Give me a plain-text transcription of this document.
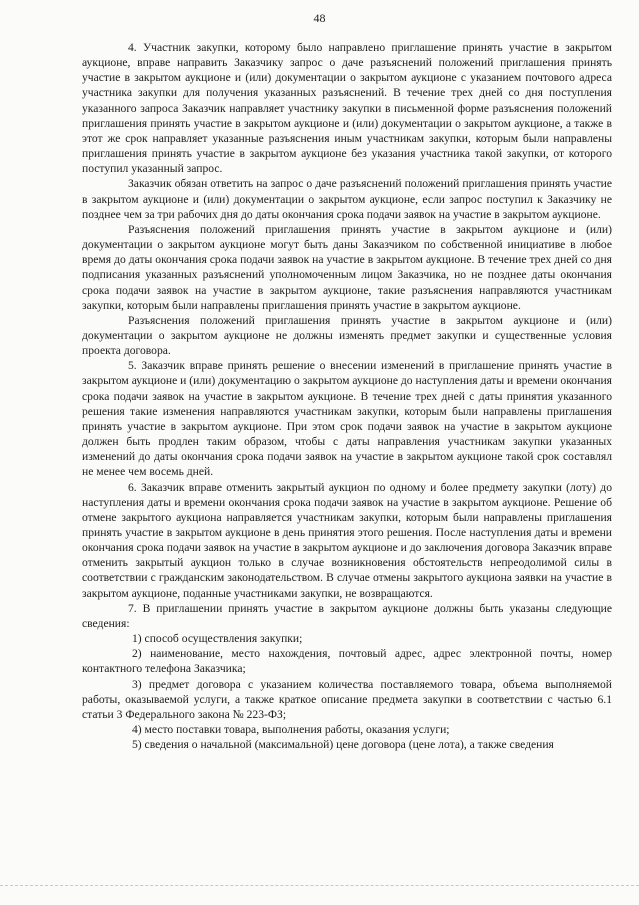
48

4. Участник закупки, которому было направлено приглашение принять участие в закрытом аукционе, вправе направить Заказчику запрос о даче разъяснений положений приглашения принять участие в закрытом аукционе и (или) документации о закрытом аукционе с указанием почтового адреса участника закупки для получения указанных разъяснений. В течение трех дней со дня поступления указанного запроса Заказчик направляет участнику закупки в письменной форме разъяснения положений приглашения принять участие в закрытом аукционе и (или) документации о закрытом аукционе, а также в этот же срок направляет указанные разъяснения иным участникам закупки, которым были направлены приглашения принять участие в закрытом аукционе без указания участника такой закупки, от которого поступил указанный запрос.

Заказчик обязан ответить на запрос о даче разъяснений положений приглашения принять участие в закрытом аукционе и (или) документации о закрытом аукционе, если запрос поступил к Заказчику не позднее чем за три рабочих дня до даты окончания срока подачи заявок на участие в закрытом аукционе.

Разъяснения положений приглашения принять участие в закрытом аукционе и (или) документации о закрытом аукционе могут быть даны Заказчиком по собственной инициативе в любое время до даты окончания срока подачи заявок на участие в закрытом аукционе. В течение трех дней со дня подписания указанных разъяснений уполномоченным лицом Заказчика, но не позднее даты окончания срока подачи заявок на участие в закрытом аукционе, такие разъяснения направляются участникам закупки, которым были направлены приглашения принять участие в закрытом аукционе.

Разъяснения положений приглашения принять участие в закрытом аукционе и (или) документации о закрытом аукционе не должны изменять предмет закупки и существенные условия проекта договора.

5. Заказчик вправе принять решение о внесении изменений в приглашение принять участие в закрытом аукционе и (или) документацию о закрытом аукционе до наступления даты и времени окончания срока подачи заявок на участие в закрытом аукционе. В течение трех дней с даты принятия указанного решения такие изменения направляются участникам закупки, которым были направлены приглашения принять участие в закрытом аукционе. При этом срок подачи заявок на участие в закрытом аукционе должен быть продлен таким образом, чтобы с даты направления участникам закупки указанных изменений до даты окончания срока подачи заявок на участие в закрытом аукционе такой срок составлял не менее чем восемь дней.

6. Заказчик вправе отменить закрытый аукцион по одному и более предмету закупки (лоту) до наступления даты и времени окончания срока подачи заявок на участие в закрытом аукционе. Решение об отмене закрытого аукциона направляется участникам закупки, которым были направлены приглашения принять участие в закрытом аукционе в день принятия этого решения. После наступления даты и времени окончания срока подачи заявок на участие в закрытом аукционе и до заключения договора Заказчик вправе отменить закрытый аукцион только в случае возникновения обстоятельств непреодолимой силы в соответствии с гражданским законодательством. В случае отмены закрытого аукциона заявки на участие в закрытом аукционе, поданные участниками закупки, не возвращаются.

7. В приглашении принять участие в закрытом аукционе должны быть указаны следующие сведения:

1) способ осуществления закупки;

2) наименование, место нахождения, почтовый адрес, адрес электронной почты, номер контактного телефона Заказчика;

3) предмет договора с указанием количества поставляемого товара, объема выполняемой работы, оказываемой услуги, а также краткое описание предмета закупки в соответствии с частью 6.1 статьи 3 Федерального закона № 223-ФЗ;

4) место поставки товара, выполнения работы, оказания услуги;

5) сведения о начальной (максимальной) цене договора (цене лота), а также сведения
